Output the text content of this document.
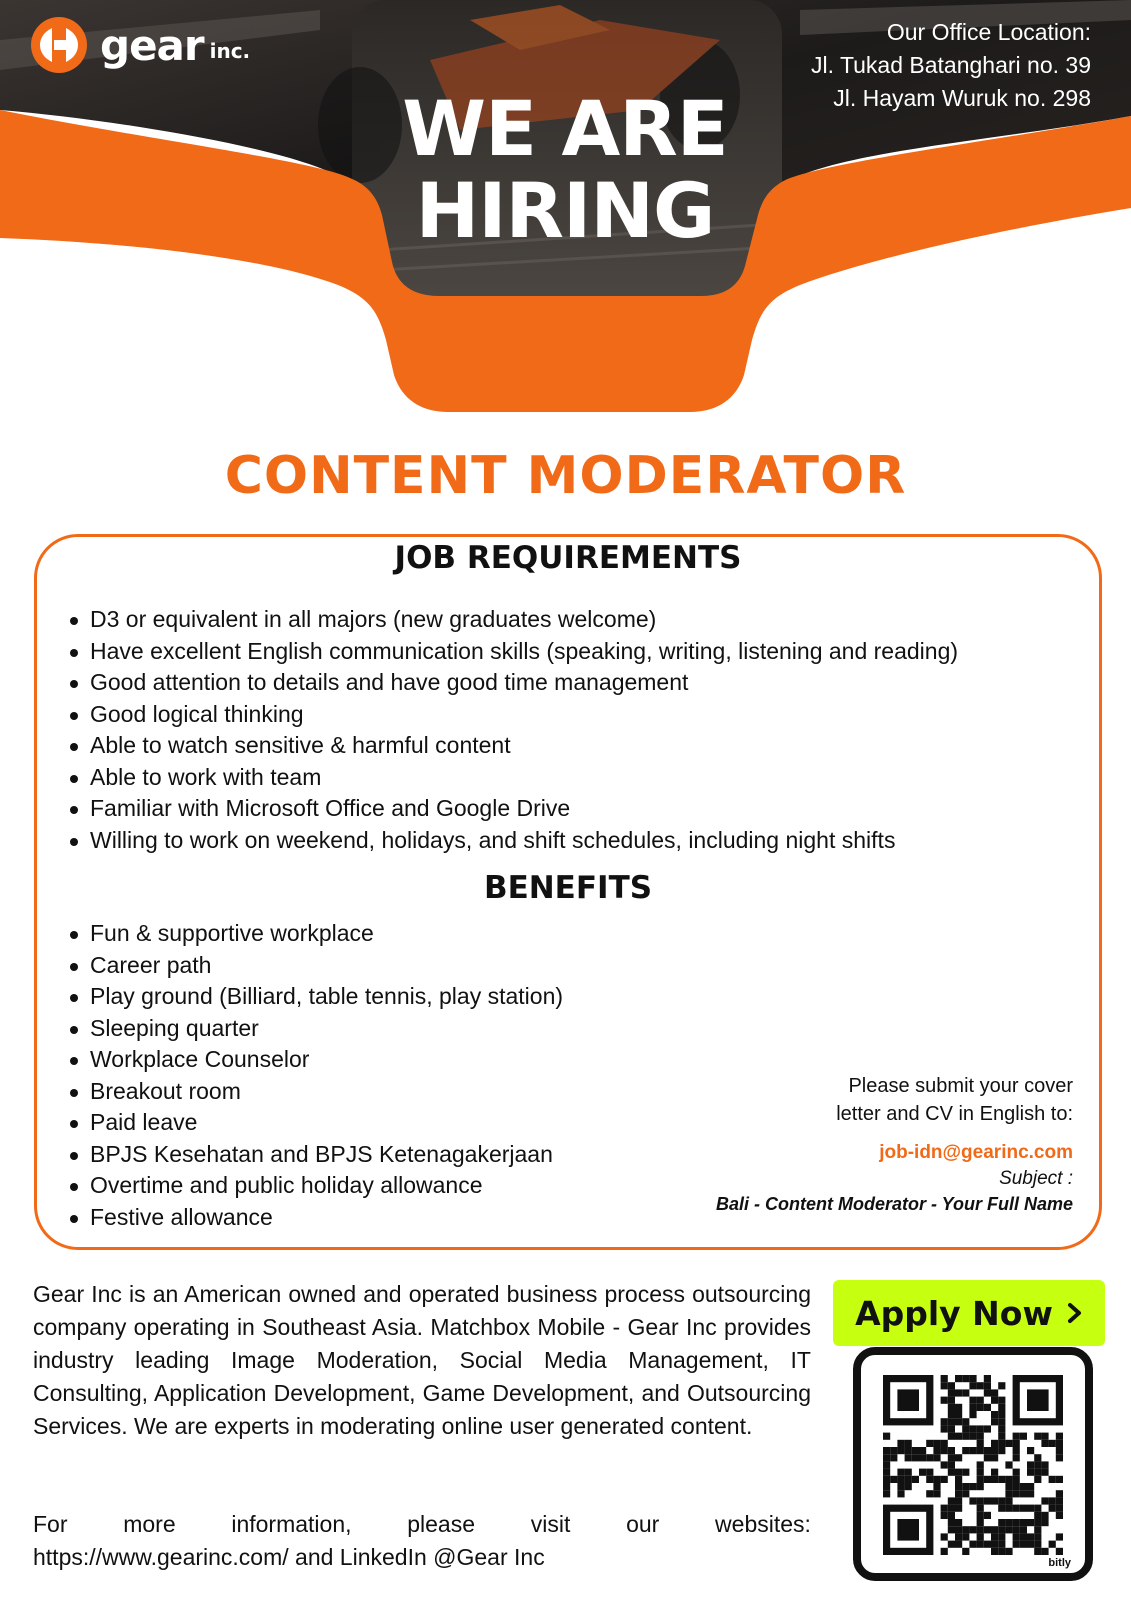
gear inc.
Our Office Location:
Jl. Tukad Batanghari no. 39
Jl. Hayam Wuruk no. 298
WE ARE
HIRING
CONTENT MODERATOR
JOB REQUIREMENTS
D3 or equivalent in all majors (new graduates welcome)
Have excellent English communication skills (speaking, writing, listening and reading)
Good attention to details and have good time management
Good logical thinking
Able to watch sensitive & harmful content
Able to work with team
Familiar with Microsoft Office and Google Drive
Willing to work on weekend, holidays, and shift schedules, including night shifts
BENEFITS
Fun & supportive workplace
Career path
Play ground (Billiard, table tennis, play station)
Sleeping quarter
Workplace Counselor
Breakout room
Paid leave
BPJS Kesehatan and BPJS Ketenagakerjaan
Overtime and public holiday allowance
Festive allowance
Please submit your cover
letter and CV in English to:
job-idn@gearinc.com
Subject :
Bali - Content Moderator - Your Full Name
Gear Inc is an American owned and operated business process outsourcing company operating in Southeast Asia. Matchbox Mobile - Gear Inc provides industry leading Image Moderation, Social Media Management, IT Consulting, Application Development, Game Development, and Outsourcing Services. We are experts in moderating online user generated content.
For more information, please visit our websites:
https://www.gearinc.com/ and LinkedIn @Gear Inc
Apply Now
bitly
